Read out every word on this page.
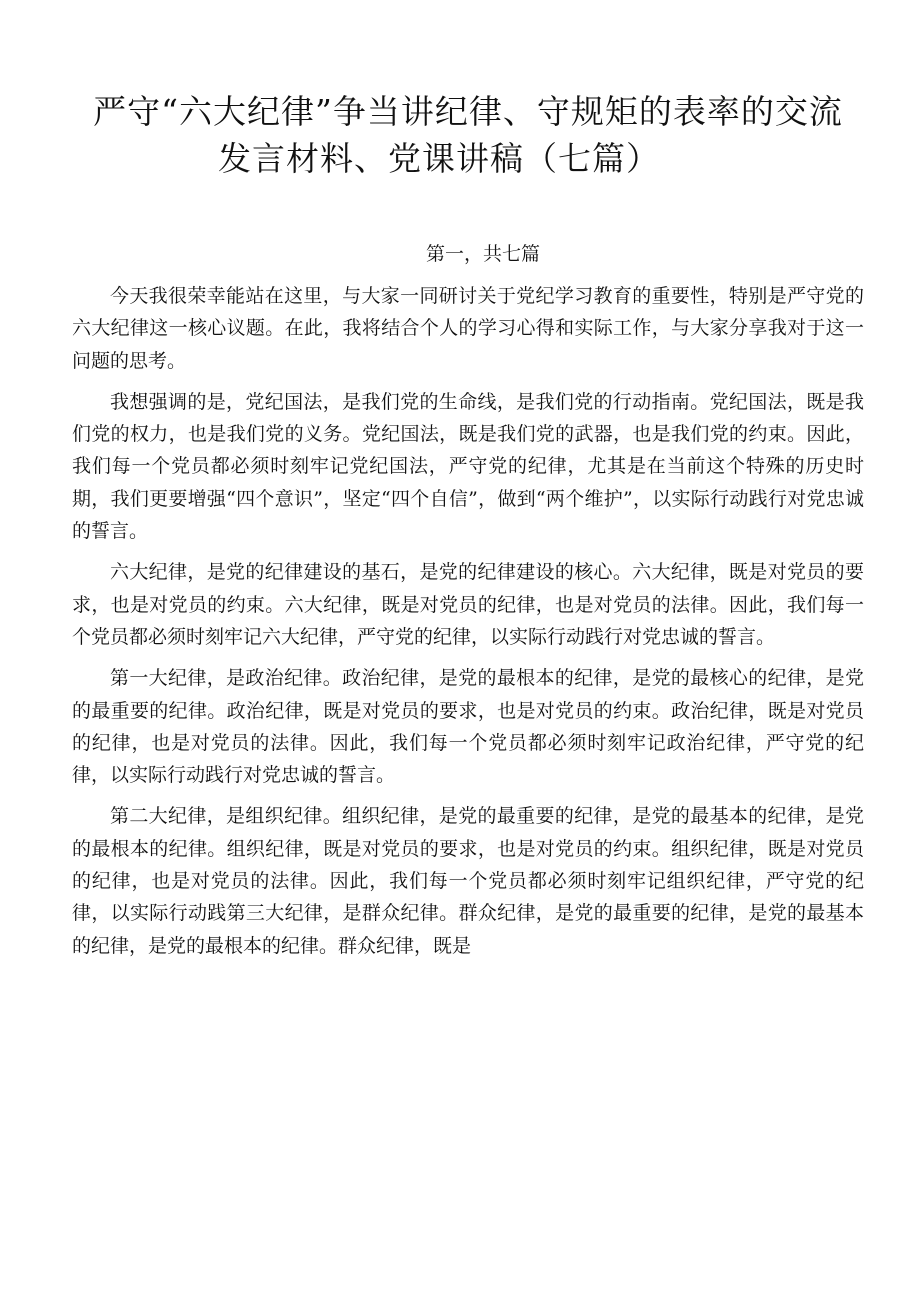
严守“六大纪律”争当讲纪律、守规矩的表率的交流
发言材料、党课讲稿（七篇）
第一，共七篇

今天我很荣幸能站在这里，与大家一同研讨关于党纪学习教育的重要性，特别是严守党的六大纪律这一核心议题。在此，我将结合个人的学习心得和实际工作，与大家分享我对于这一问题的思考。

我想强调的是，党纪国法，是我们党的生命线，是我们党的行动指南。党纪国法，既是我们党的权力，也是我们党的义务。党纪国法，既是我们党的武器，也是我们党的约束。因此，我们每一个党员都必须时刻牢记党纪国法，严守党的纪律，尤其是在当前这个特殊的历史时期，我们更要增强“四个意识”，坚定“四个自信”，做到“两个维护”，以实际行动践行对党忠诚的誓言。

六大纪律，是党的纪律建设的基石，是党的纪律建设的核心。六大纪律，既是对党员的要求，也是对党员的约束。六大纪律，既是对党员的纪律，也是对党员的法律。因此，我们每一个党员都必须时刻牢记六大纪律，严守党的纪律，以实际行动践行对党忠诚的誓言。

第一大纪律，是政治纪律。政治纪律，是党的最根本的纪律，是党的最核心的纪律，是党的最重要的纪律。政治纪律，既是对党员的要求，也是对党员的约束。政治纪律，既是对党员的纪律，也是对党员的法律。因此，我们每一个党员都必须时刻牢记政治纪律，严守党的纪律，以实际行动践行对党忠诚的誓言。

第二大纪律，是组织纪律。组织纪律，是党的最重要的纪律，是党的最基本的纪律，是党的最根本的纪律。组织纪律，既是对党员的要求，也是对党员的约束。组织纪律，既是对党员的纪律，也是对党员的法律。因此，我们每一个党员都必须时刻牢记组织纪律，严守党的纪律，以实际行动践第三大纪律，是群众纪律。群众纪律，是党的最重要的纪律，是党的最基本的纪律，是党的最根本的纪律。群众纪律，既是
